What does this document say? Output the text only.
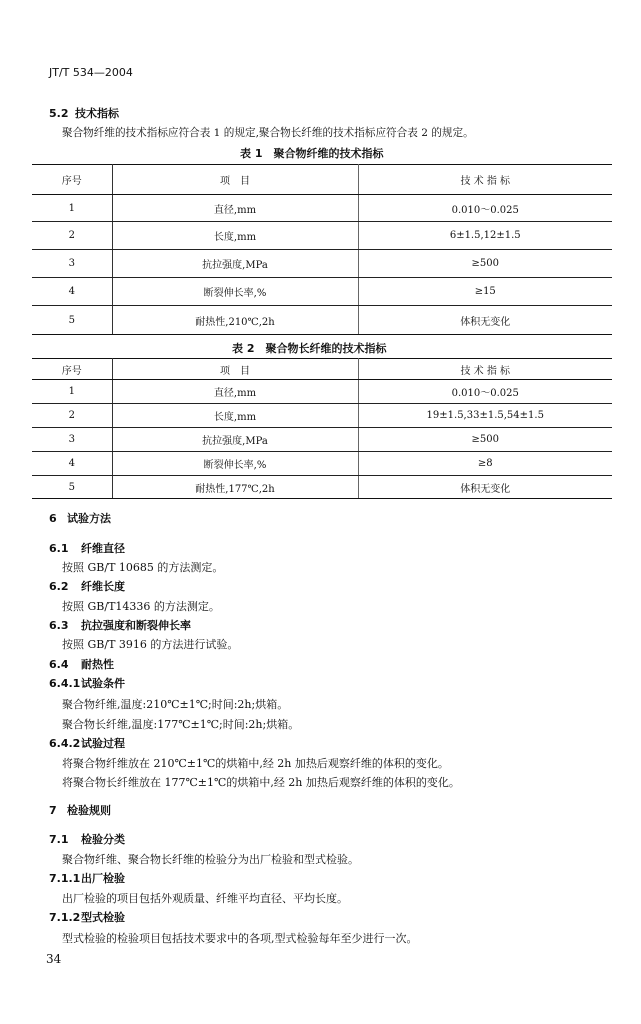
JT/T 534—2004
5.2 技术指标
聚合物纤维的技术指标应符合表 1 的规定,聚合物长纤维的技术指标应符合表 2 的规定。
表 1　聚合物纤维的技术指标
序号	项　目	技 术 指 标
1	直径,mm	0.010～0.025
2	长度,mm	6±1.5,12±1.5
3	抗拉强度,MPa	≥500
4	断裂伸长率,%	≥15
5	耐热性,210℃,2h	体积无变化
表 2　聚合物长纤维的技术指标
序号	项　目	技 术 指 标
1	直径,mm	0.010～0.025
2	长度,mm	19±1.5,33±1.5,54±1.5
3	抗拉强度,MPa	≥500
4	断裂伸长率,%	≥8
5	耐热性,177℃,2h	体积无变化
6 试验方法
6.1 纤维直径
按照 GB/T 10685 的方法测定。
6.2 纤维长度
按照 GB/T14336 的方法测定。
6.3 抗拉强度和断裂伸长率
按照 GB/T 3916 的方法进行试验。
6.4 耐热性
6.4.1试验条件
聚合物纤维,温度:210℃±1℃;时间:2h;烘箱。
聚合物长纤维,温度:177℃±1℃;时间:2h;烘箱。
6.4.2试验过程
将聚合物纤维放在 210℃±1℃的烘箱中,经 2h 加热后观察纤维的体积的变化。
将聚合物长纤维放在 177℃±1℃的烘箱中,经 2h 加热后观察纤维的体积的变化。
7 检验规则
7.1 检验分类
聚合物纤维、聚合物长纤维的检验分为出厂检验和型式检验。
7.1.1出厂检验
出厂检验的项目包括外观质量、纤维平均直径、平均长度。
7.1.2型式检验
型式检验的检验项目包括技术要求中的各项,型式检验每年至少进行一次。
34
